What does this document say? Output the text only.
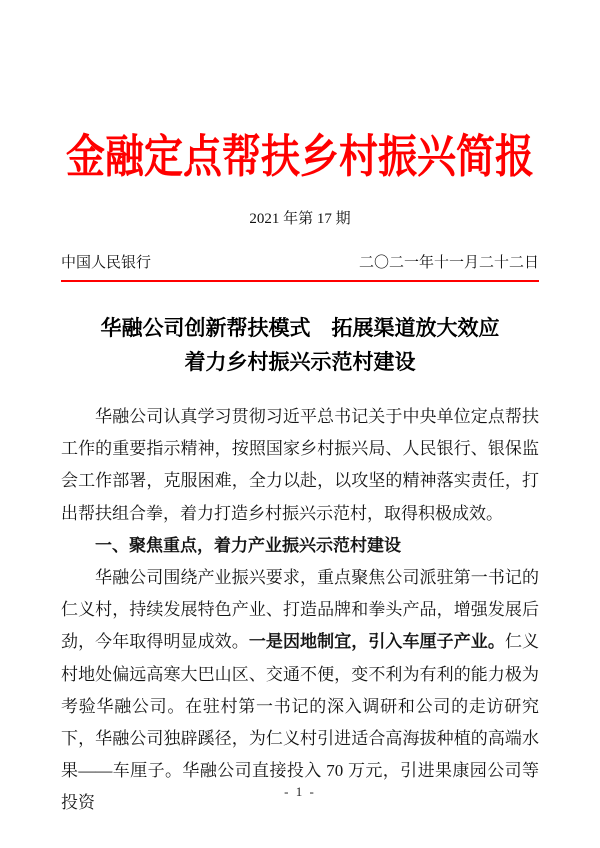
金融定点帮扶乡村振兴简报
2021 年第 17 期
中国人民银行	二〇二一年十一月二十二日
华融公司创新帮扶模式　拓展渠道放大效应
着力乡村振兴示范村建设

华融公司认真学习贯彻习近平总书记关于中央单位定点帮扶工作的重要指示精神，按照国家乡村振兴局、人民银行、银保监会工作部署，克服困难，全力以赴，以攻坚的精神落实责任，打出帮扶组合拳，着力打造乡村振兴示范村，取得积极成效。

一、聚焦重点，着力产业振兴示范村建设

华融公司围绕产业振兴要求，重点聚焦公司派驻第一书记的仁义村，持续发展特色产业、打造品牌和拳头产品，增强发展后劲，今年取得明显成效。一是因地制宜，引入车厘子产业。仁义村地处偏远高寒大巴山区、交通不便，变不利为有利的能力极为考验华融公司。在驻村第一书记的深入调研和公司的走访研究下，华融公司独辟蹊径，为仁义村引进适合高海拔种植的高端水果——车厘子。华融公司直接投入 70 万元，引进果康园公司等投资

- 1 -
